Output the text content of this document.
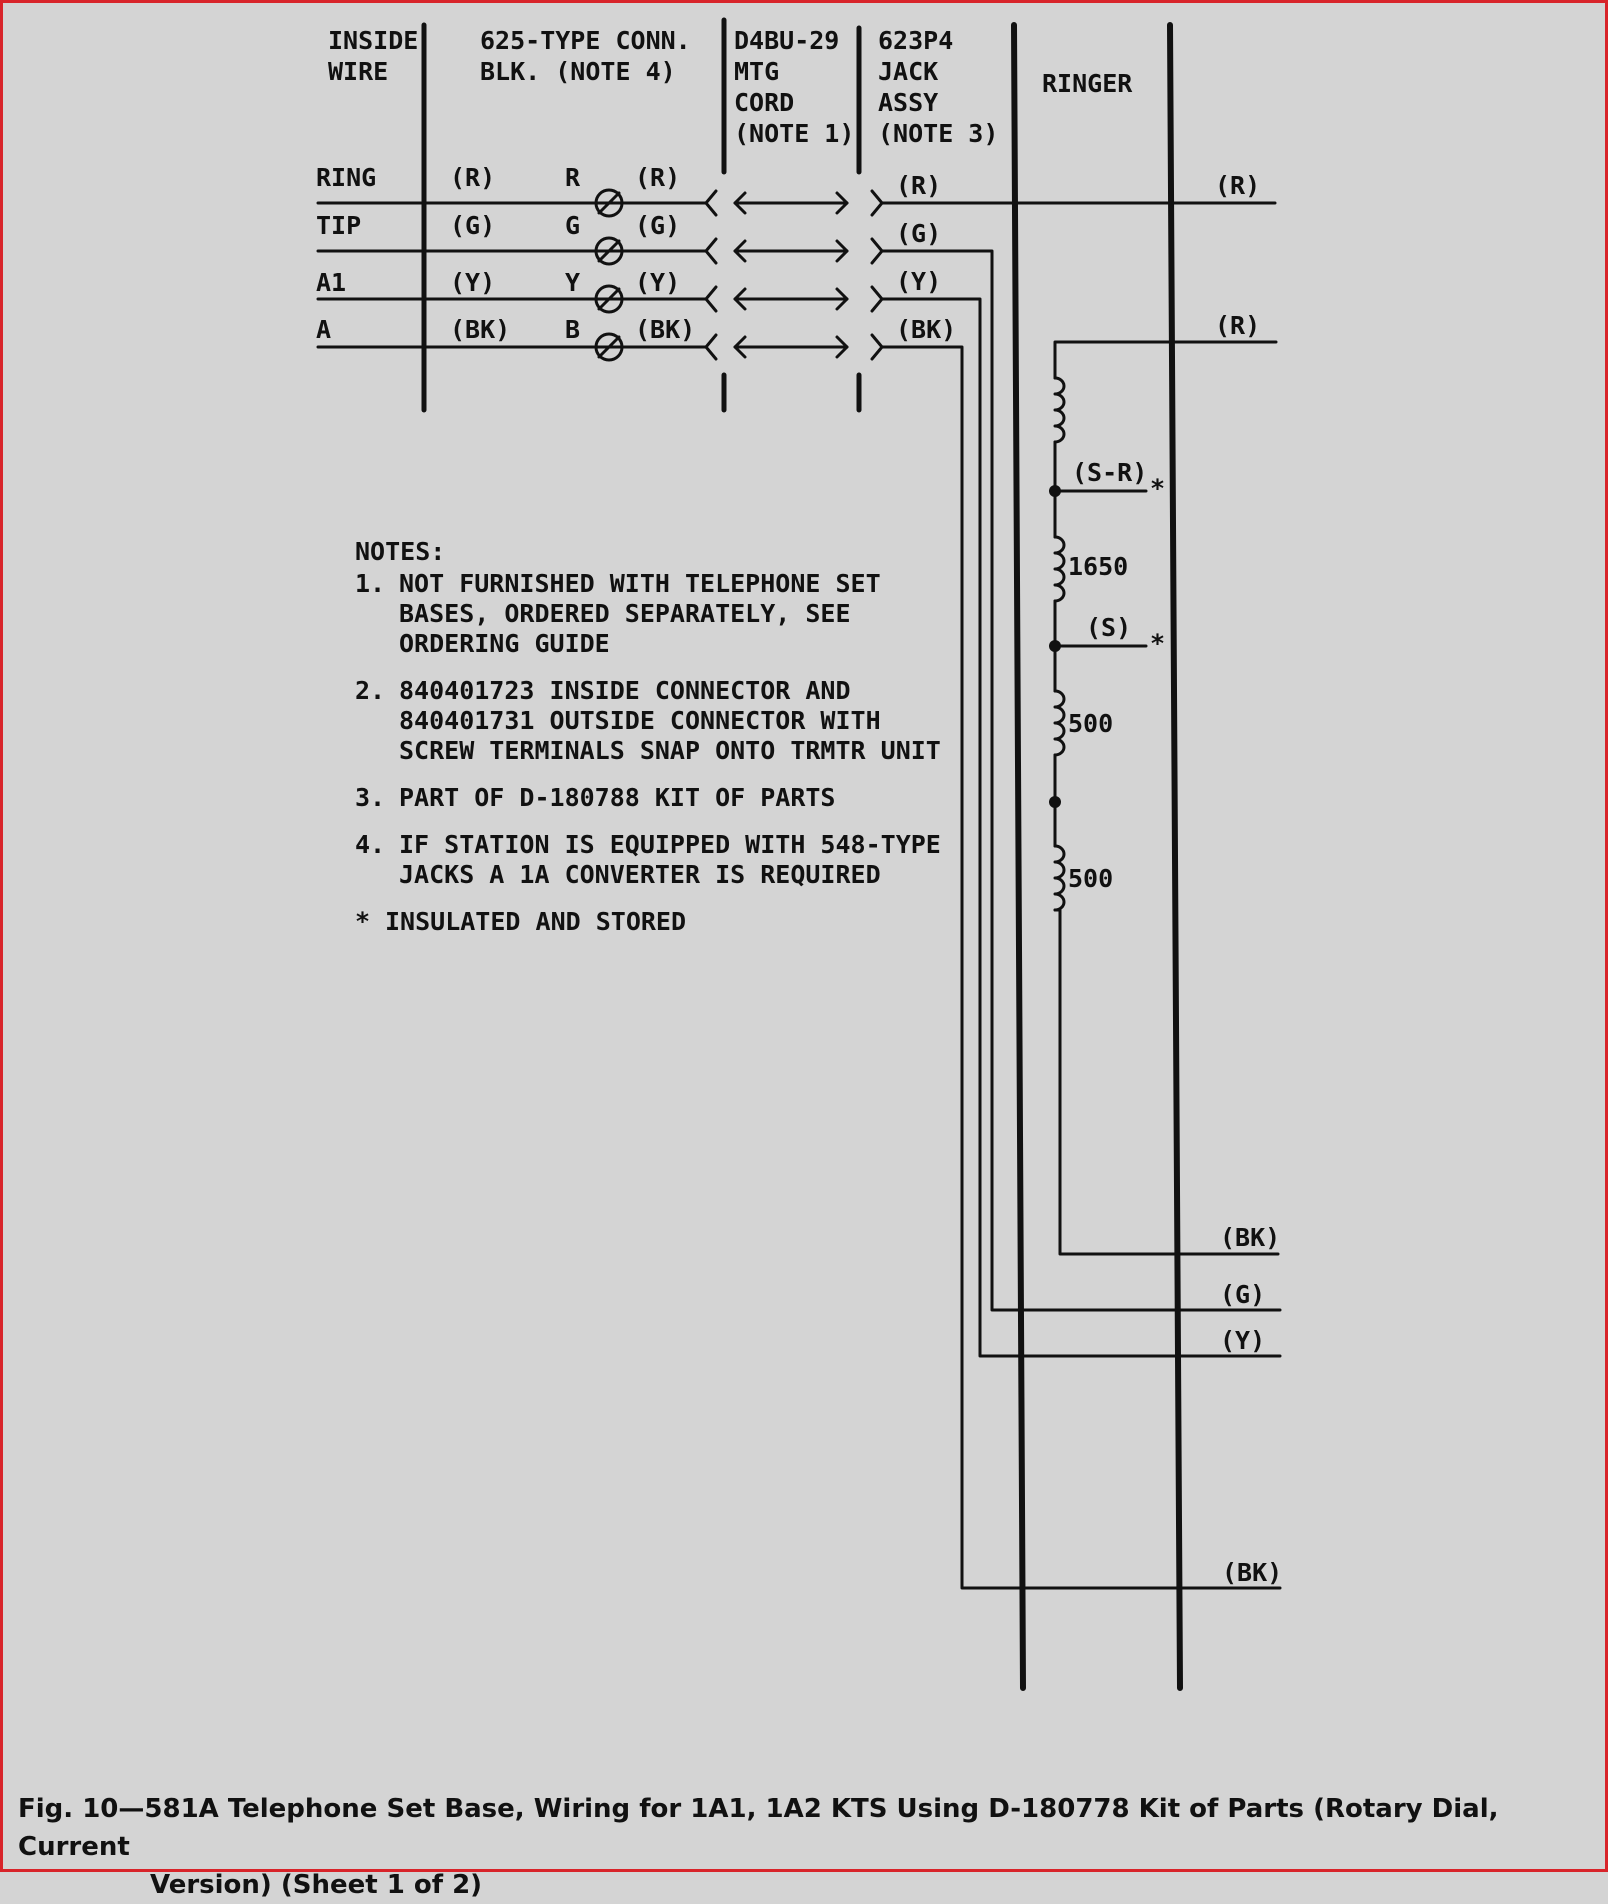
INSIDE
WIRE
625-TYPE CONN.
BLK. (NOTE 4)
D4BU-29
MTG
CORD
(NOTE 1)
623P4
JACK
ASSY
(NOTE 3)
RINGER
RING	(R)	R (R)	(R)
TIP	(G)	G (G)	(G)
A1	(Y)	Y (Y)	(Y)
A	(BK) B (BK)	(BK)
(R)
(R)
(S-R)
*
1650
(S)
*
500
500
(BK)
(G)
(Y)
(BK)
NOTES:
1. NOT FURNISHED WITH TELEPHONE SET
BASES, ORDERED SEPARATELY, SEE
ORDERING GUIDE
2. 840401723 INSIDE CONNECTOR AND
840401731 OUTSIDE CONNECTOR WITH
SCREW TERMINALS SNAP ONTO TRMTR UNIT
3. PART OF D-180788 KIT OF PARTS
4. IF STATION IS EQUIPPED WITH 548-TYPE
JACKS A 1A CONVERTER IS REQUIRED
* INSULATED AND STORED
Fig. 10—581A Telephone Set Base, Wiring for 1A1, 1A2 KTS Using D-180778 Kit of Parts (Rotary Dial, Current
Version) (Sheet 1 of 2)
